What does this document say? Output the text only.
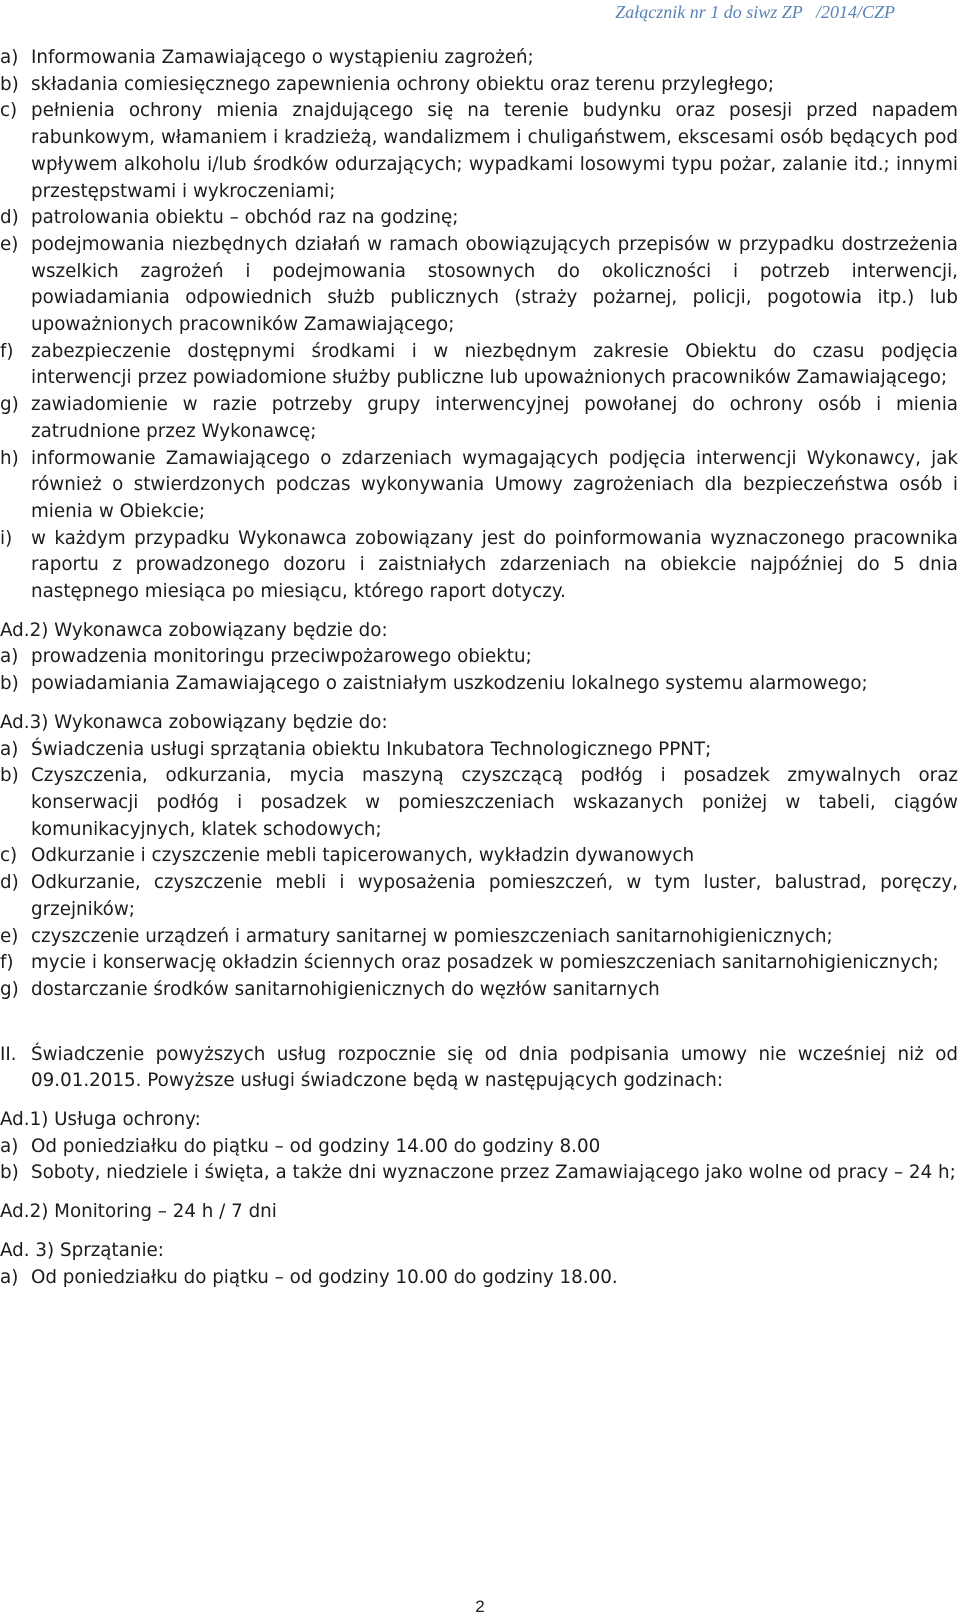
Załącznik nr 1 do siwz ZP   /2014/CZP
a) Informowania Zamawiającego o wystąpieniu zagrożeń;
b) składania comiesięcznego zapewnienia ochrony obiektu oraz terenu przyległego;
c) pełnienia ochrony mienia znajdującego się na terenie budynku oraz posesji przed napadem rabunkowym, włamaniem i kradzieżą, wandalizmem i chuligaństwem, ekscesami osób będących pod wpływem alkoholu i/lub środków odurzających; wypadkami losowymi typu pożar, zalanie itd.; innymi przestępstwami i wykroczeniami;
d) patrolowania obiektu – obchód raz na godzinę;
e) podejmowania niezbędnych działań w ramach obowiązujących przepisów w przypadku dostrzeżenia wszelkich zagrożeń i podejmowania stosownych do okoliczności i potrzeb interwencji, powiadamiania odpowiednich służb publicznych (straży pożarnej, policji, pogotowia itp.) lub upoważnionych pracowników Zamawiającego;
f) zabezpieczenie dostępnymi środkami i w niezbędnym zakresie Obiektu do czasu podjęcia interwencji przez powiadomione służby publiczne lub upoważnionych pracowników Zamawiającego;
g) zawiadomienie w razie potrzeby grupy interwencyjnej powołanej do ochrony osób i mienia zatrudnione przez Wykonawcę;
h) informowanie Zamawiającego o zdarzeniach wymagających podjęcia interwencji Wykonawcy, jak również o stwierdzonych podczas wykonywania Umowy zagrożeniach dla bezpieczeństwa osób i mienia w Obiekcie;
i)	w każdym przypadku Wykonawca zobowiązany jest do poinformowania wyznaczonego pracownika raportu z prowadzonego dozoru i zaistniałych zdarzeniach na obiekcie najpóźniej do 5 dnia następnego miesiąca po miesiącu, którego raport dotyczy.
Ad.2) Wykonawca zobowiązany będzie do:
a) prowadzenia monitoringu przeciwpożarowego obiektu;
b) powiadamiania Zamawiającego o zaistniałym uszkodzeniu lokalnego systemu alarmowego;
Ad.3) Wykonawca zobowiązany będzie do:
a) Świadczenia usługi sprzątania obiektu Inkubatora Technologicznego PPNT;
b) Czyszczenia, odkurzania, mycia maszyną czyszczącą podłóg i posadzek zmywalnych oraz konserwacji podłóg i posadzek w pomieszczeniach wskazanych poniżej w tabeli, ciągów komunikacyjnych, klatek schodowych;
c) Odkurzanie i czyszczenie mebli tapicerowanych, wykładzin dywanowych
d) Odkurzanie, czyszczenie mebli i wyposażenia pomieszczeń, w tym luster, balustrad, poręczy, grzejników;
e) czyszczenie urządzeń i armatury sanitarnej w pomieszczeniach sanitarnohigienicznych;
f) mycie i konserwację okładzin ściennych oraz posadzek w pomieszczeniach sanitarnohigienicznych;
g) dostarczanie środków sanitarnohigienicznych do węzłów sanitarnych
II. Świadczenie powyższych usług rozpocznie się od dnia podpisania umowy nie wcześniej niż od 09.01.2015. Powyższe usługi świadczone będą w następujących godzinach:
Ad.1) Usługa ochrony:
a) Od poniedziałku do piątku – od godziny 14.00 do godziny 8.00
b) Soboty, niedziele i święta, a także dni wyznaczone przez Zamawiającego jako wolne od pracy – 24 h;
Ad.2) Monitoring – 24 h / 7 dni
Ad. 3) Sprzątanie:
a) Od poniedziałku do piątku – od godziny 10.00 do godziny 18.00.
2
